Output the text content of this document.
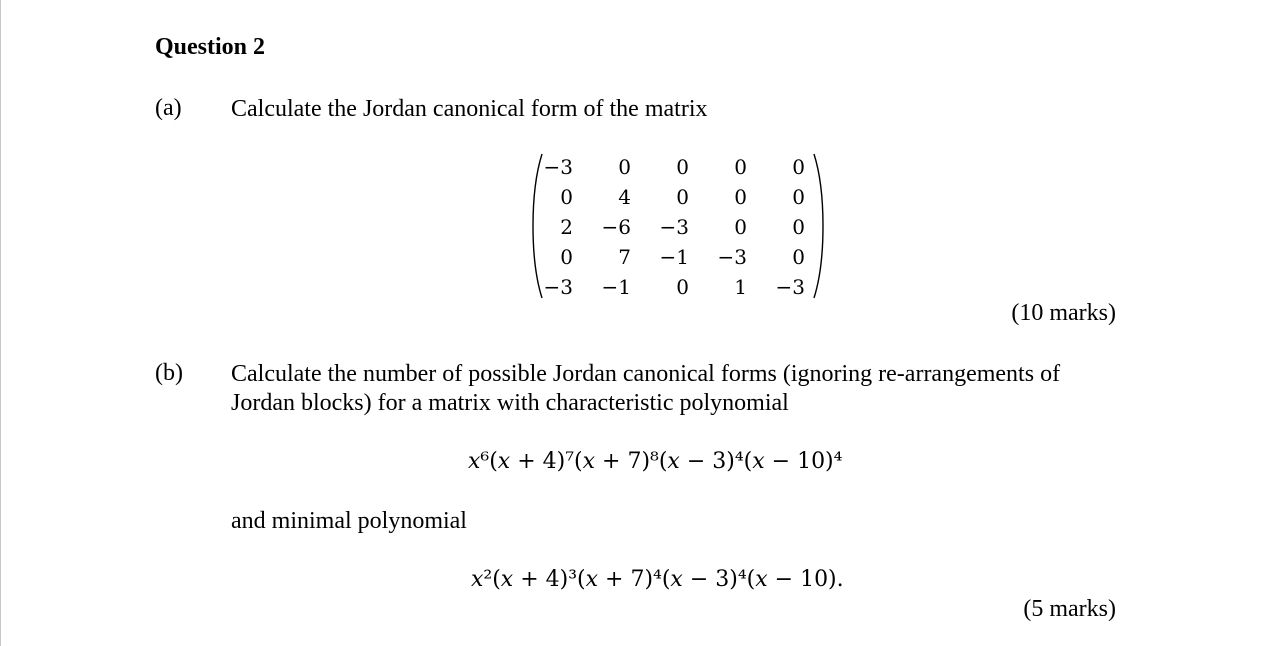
Question 2
(a) Calculate the Jordan canonical form of the matrix
−3	0	0	0	0
0	4	0	0	0
2	−6	−3	0	0
0	7	−1	−3	0
−3	−1	0	1	−3
(10 marks)
(b) Calculate the number of possible Jordan canonical forms (ignoring re-arrangements of
Jordan blocks) for a matrix with characteristic polynomial
𝑥⁶(𝑥 + 4)⁷(𝑥 + 7)⁸(𝑥 − 3)⁴(𝑥 − 10)⁴
and minimal polynomial
𝑥²(𝑥 + 4)³(𝑥 + 7)⁴(𝑥 − 3)⁴(𝑥 − 10).
(5 marks)
